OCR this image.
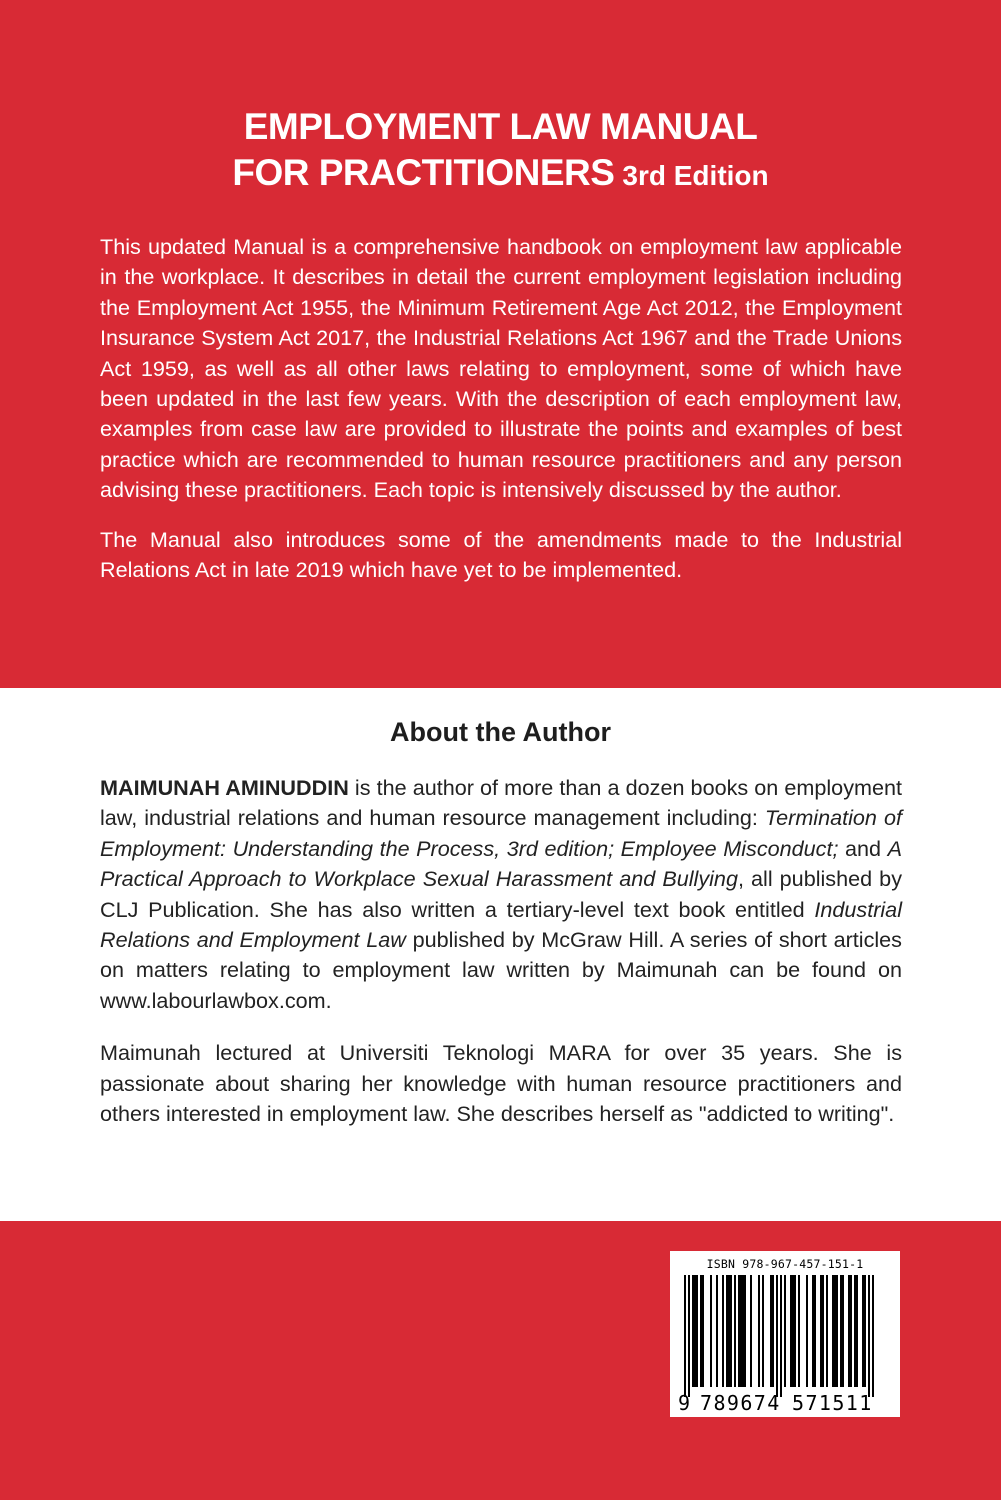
EMPLOYMENT LAW MANUAL
FOR PRACTITIONERS 3rd Edition

This updated Manual is a comprehensive handbook on employment law applicable in the workplace. It describes in detail the current employment legislation including the Employment Act 1955, the Minimum Retirement Age Act 2012, the Employment Insurance System Act 2017, the Industrial Relations Act 1967 and the Trade Unions Act 1959, as well as all other laws relating to employment, some of which have been updated in the last few years. With the description of each employment law, examples from case law are provided to illustrate the points and examples of best practice which are recommended to human resource practitioners and any person advising these practitioners. Each topic is intensively discussed by the author.

The Manual also introduces some of the amendments made to the Industrial Relations Act in late 2019 which have yet to be implemented.

About the Author

MAIMUNAH AMINUDDIN is the author of more than a dozen books on employment law, industrial relations and human resource management including: Termination of Employment: Understanding the Process, 3rd edition; Employee Misconduct; and A Practical Approach to Workplace Sexual Harassment and Bullying, all published by CLJ Publication. She has also written a tertiary-level text book entitled Industrial Relations and Employment Law published by McGraw Hill. A series of short articles on matters relating to employment law written by Maimunah can be found on www.labourlawbox.com.

Maimunah lectured at Universiti Teknologi MARA for over 35 years. She is passionate about sharing her knowledge with human resource practitioners and others interested in employment law. She describes herself as "addicted to writing".

ISBN 978-967-457-151-1
9 789674 571511
